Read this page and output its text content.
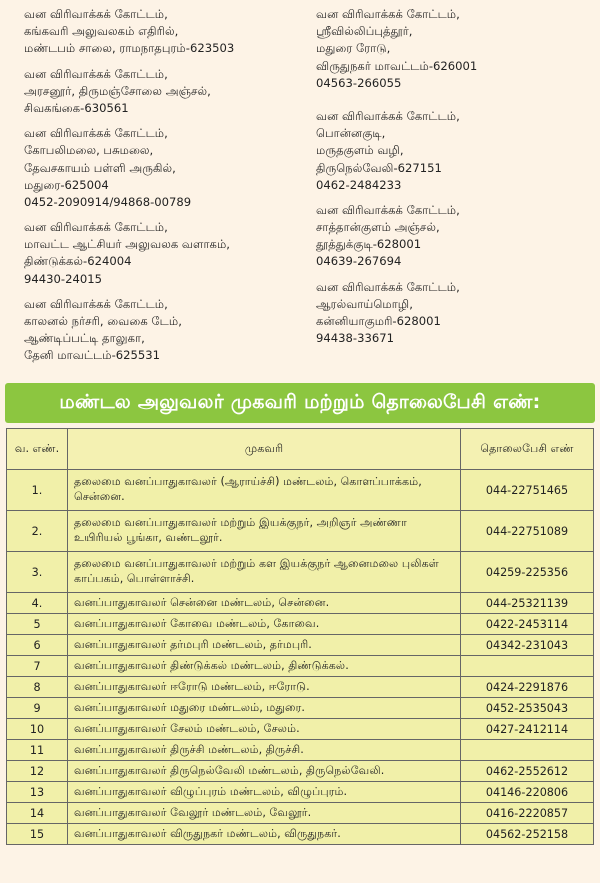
வன விரிவாக்கக் கோட்டம்,
கங்கவரி அலுவலகம் எதிரில்,
மண்டபம் சாலை, ராமநாதபுரம்-623503
வன விரிவாக்கக் கோட்டம்,
அரசனூர், திருமஞ்சோலை அஞ்சல்,
சிவகங்கை-630561
வன விரிவாக்கக் கோட்டம்,
கோபலிமலை, பசுமலை,
தேவசகாயம் பள்ளி அருகில்,
மதுரை-625004
0452-2090914/94868-00789
வன விரிவாக்கக் கோட்டம்,
மாவட்ட ஆட்சியர் அலுவலக வளாகம்,
திண்டுக்கல்-624004
94430-24015
வன விரிவாக்கக் கோட்டம்,
காலனல் நர்சரி, வைகை டேம்,
ஆண்டிப்பட்டி தாலுகா,
தேனி மாவட்டம்-625531
வன விரிவாக்கக் கோட்டம்,
ஸ்ரீவில்லிப்புத்தூர்,
மதுரை ரோடு,
விருதுநகர் மாவட்டம்-626001
04563-266055
வன விரிவாக்கக் கோட்டம்,
பொன்னகுடி,
மருதகுளம் வழி,
திருநெல்வேலி-627151
0462-2484233
வன விரிவாக்கக் கோட்டம்,
சாத்தான்குளம் அஞ்சல்,
தூத்துக்குடி-628001
04639-267694
வன விரிவாக்கக் கோட்டம்,
ஆரல்வாய்மொழி,
கன்னியாகுமரி-628001
94438-33671
மண்டல அலுவலர் முகவரி மற்றும் தொலைபேசி எண்:
வ. எண்.	முகவரி	தொலைபேசி எண்
1.	தலைமை வனப்பாதுகாவலர் (ஆராய்ச்சி) மண்டலம், கொளப்பாக்கம், சென்னை.	044-22751465
2.	தலைமை வனப்பாதுகாவலர் மற்றும் இயக்குநர், அறிஞர் அண்ணா உயிரியல் பூங்கா, வண்டலூர்.	044-22751089
3.	தலைமை வனப்பாதுகாவலர் மற்றும் கள இயக்குநர் ஆனைமலை புலிகள் காப்பகம், பொள்ளாச்சி.	04259-225356
4.	வனப்பாதுகாவலர் சென்னை மண்டலம், சென்னை.	044-25321139
5	வனப்பாதுகாவலர் கோவை மண்டலம், கோவை.	0422-2453114
6	வனப்பாதுகாவலர் தர்மபுரி மண்டலம், தர்மபுரி.	04342-231043
7	வனப்பாதுகாவலர் திண்டுக்கல் மண்டலம், திண்டுக்கல்.	
8	வனப்பாதுகாவலர் ஈரோடு மண்டலம், ஈரோடு.	0424-2291876
9	வனப்பாதுகாவலர் மதுரை மண்டலம், மதுரை.	0452-2535043
10	வனப்பாதுகாவலர் சேலம் மண்டலம், சேலம்.	0427-2412114
11	வனப்பாதுகாவலர் திருச்சி மண்டலம், திருச்சி.	
12	வனப்பாதுகாவலர் திருநெல்வேலி மண்டலம், திருநெல்வேலி.	0462-2552612
13	வனப்பாதுகாவலர் விழுப்புரம் மண்டலம், விழுப்புரம்.	04146-220806
14	வனப்பாதுகாவலர் வேலூர் மண்டலம், வேலூர்.	0416-2220857
15	வனப்பாதுகாவலர் விருதுநகர் மண்டலம், விருதுநகர்.	04562-252158
